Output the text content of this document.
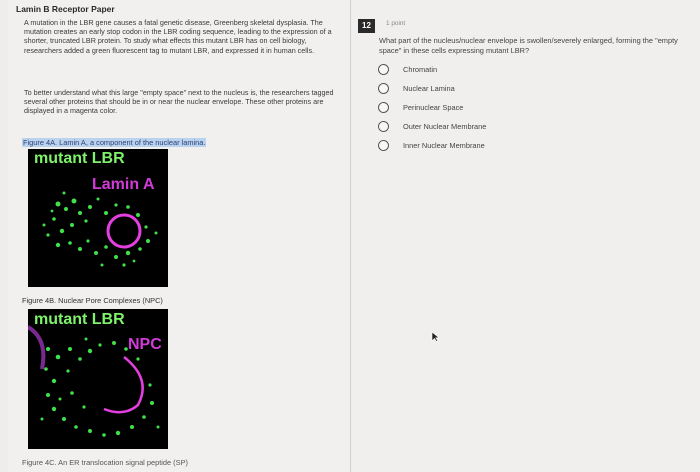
Lamin B Receptor Paper
A mutation in the LBR gene causes a fatal genetic disease, Greenberg skeletal dysplasia. The mutation creates an early stop codon in the LBR coding sequence, leading to the expression of a shorter, truncated LBR protein. To study what effects this mutant LBR has on cell biology, researchers added a green fluorescent tag to mutant LBR, and expressed it in human cells.
To better understand what this large "empty space" next to the nucleus is, the researchers tagged several other proteins that should be in or near the nuclear envelope. These other proteins are displayed in a magenta color.
Figure 4A. Lamin A, a component of the nuclear lamina.
mutant LBR
Lamin A
Figure 4B. Nuclear Pore Complexes (NPC)
mutant LBR
NPC
Figure 4C. An ER translocation signal peptide (SP)
12	1 point
What part of the nucleus/nuclear envelope is swollen/severely enlarged, forming the "empty space" in these cells expressing mutant LBR?
Chromatin
Nuclear Lamina
Perinuclear Space
Outer Nuclear Membrane
Inner Nuclear Membrane
